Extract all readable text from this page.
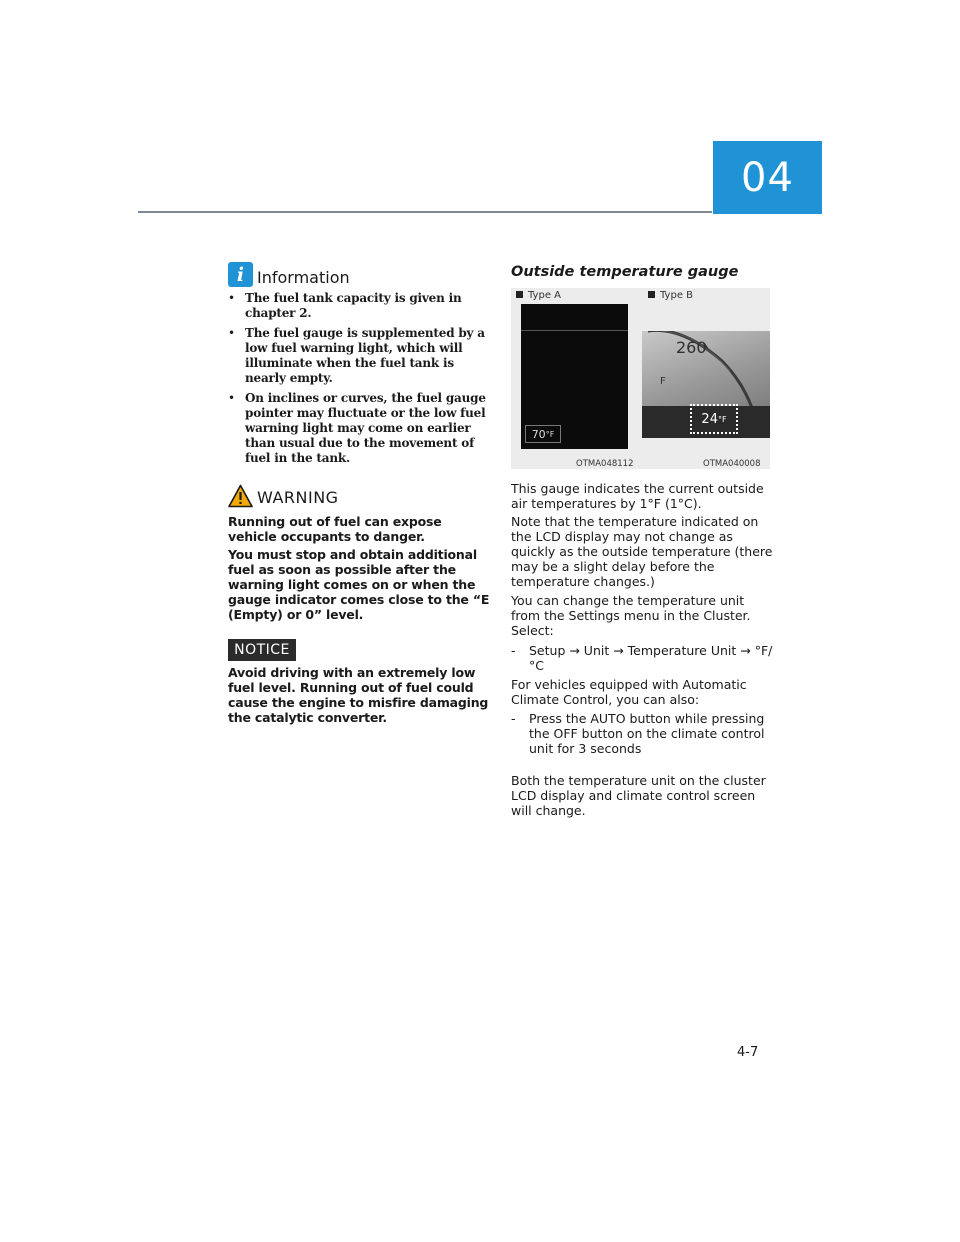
04
i Information
• The fuel tank capacity is given in chapter 2.
• The fuel gauge is supplemented by a low fuel warning light, which will illuminate when the fuel tank is nearly empty.
• On inclines or curves, the fuel gauge pointer may fluctuate or the low fuel warning light may come on earlier than usual due to the movement of fuel in the tank.
WARNING

Running out of fuel can expose vehicle occupants to danger.

You must stop and obtain additional fuel as soon as possible after the warning light comes on or when the gauge indicator comes close to the “E (Empty) or 0” level.

NOTICE

Avoid driving with an extremely low fuel level. Running out of fuel could cause the engine to misfire damaging the catalytic converter.

Outside temperature gauge
Type A
70 °F
OTMA048112
Type B
260
F
24 °F
OTMA040008

This gauge indicates the current outside air temperatures by 1°F (1°C).

Note that the temperature indicated on the LCD display may not change as quickly as the outside temperature (there may be a slight delay before the temperature changes.)

You can change the temperature unit from the Settings menu in the Cluster. Select:

- Setup → Unit → Temperature Unit → °F/°C

For vehicles equipped with Automatic Climate Control, you can also:

- Press the AUTO button while pressing the OFF button on the climate control unit for 3 seconds

Both the temperature unit on the cluster LCD display and climate control screen will change.

4-7
